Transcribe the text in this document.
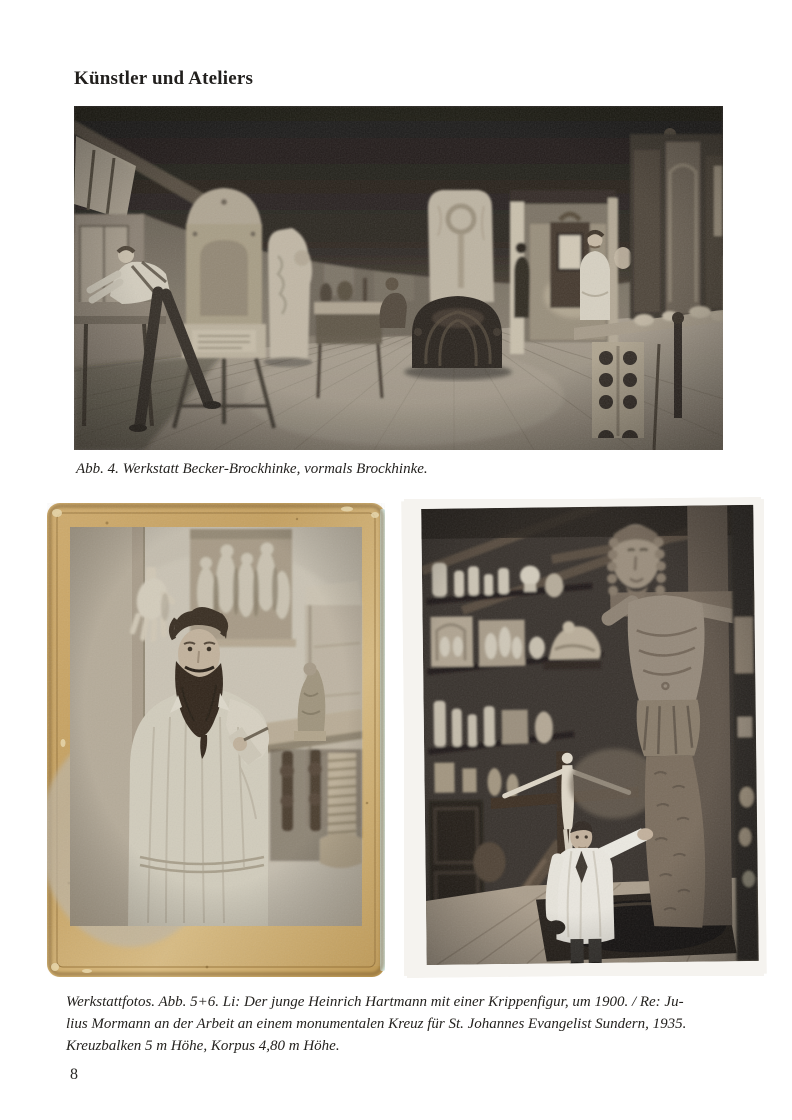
Künstler und Ateliers
Abb. 4. Werkstatt Becker-Brockhinke, vormals Brockhinke.
Werkstattfotos. Abb. 5+6. Li: Der junge Heinrich Hartmann mit einer Krippenfigur, um 1900. / Re: Ju-
lius Mormann an der Arbeit an einem monumentalen Kreuz für St. Johannes Evangelist Sundern, 1935.
Kreuzbalken 5 m Höhe, Korpus 4,80 m Höhe.
8
